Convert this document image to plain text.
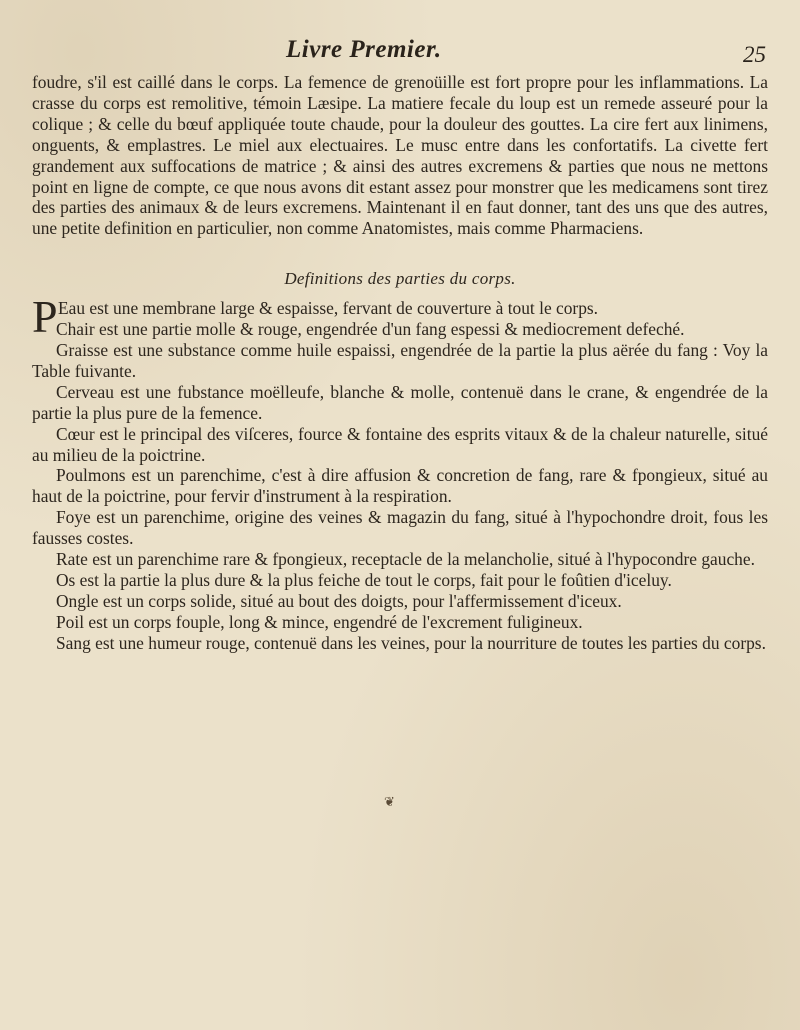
Livre Premier.	25

foudre, s'il est caillé dans le corps. La femence de grenoüille est fort propre pour les inflammations. La crasse du corps est remolitive, témoin Læsipe. La matiere fecale du loup est un remede asseuré pour la colique ; & celle du bœuf appliquée toute chaude, pour la douleur des gouttes. La cire fert aux linimens, onguents, & emplastres. Le miel aux electuaires. Le musc entre dans les confortatifs. La civette fert grandement aux suffocations de matrice ; & ainsi des autres excremens & parties que nous ne mettons point en ligne de compte, ce que nous avons dit estant assez pour monstrer que les medicamens sont tirez des parties des animaux & de leurs excremens. Maintenant il en faut donner, tant des uns que des autres, une petite definition en particulier, non comme Anatomistes, mais comme Pharmaciens.

Definitions des parties du corps.

P Eau est une membrane large & espaisse, fervant de couverture à tout le corps.

Chair est une partie molle & rouge, engendrée d'un fang espessi & mediocrement defeché.

Graisse est une substance comme huile espaissi, engendrée de la partie la plus aërée du fang : Voy la Table fuivante.

Cerveau est une fubstance moëlleufe, blanche & molle, contenuë dans le crane, & engendrée de la partie la plus pure de la femence.

Cœur est le principal des viſceres, fource & fontaine des esprits vitaux & de la chaleur naturelle, situé au milieu de la poictrine.

Poulmons est un parenchime, c'est à dire affusion & concretion de fang, rare & fpongieux, situé au haut de la poictrine, pour fervir d'instrument à la respiration.

Foye est un parenchime, origine des veines & magazin du fang, situé à l'hypochondre droit, fous les fausses costes.

Rate est un parenchime rare & fpongieux, receptacle de la melancholie, situé à l'hypocondre gauche.

Os est la partie la plus dure & la plus feiche de tout le corps, fait pour le foûtien d'iceluy.

Ongle est un corps solide, situé au bout des doigts, pour l'affermissement d'iceux.

Poil est un corps fouple, long & mince, engendré de l'excrement fuligineux.

Sang est une humeur rouge, contenuë dans les veines, pour la nourriture de toutes les parties du corps.

❦
